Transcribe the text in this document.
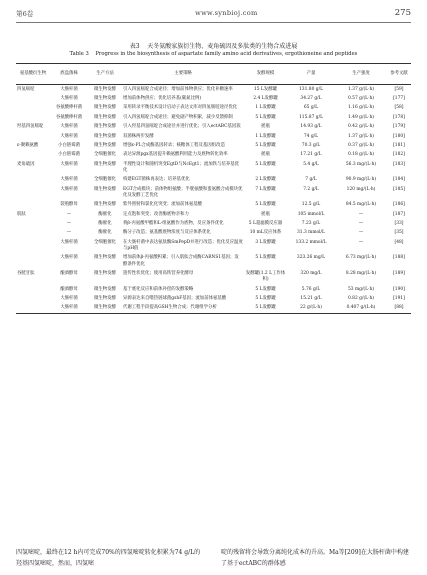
第6卷	www.synbioj.com	275
表3 天冬氨酸家族衍生物、麦角硫因及多肽类的生物合成进展
Table 3 Progress in the biosynthesis of aspartate family amino acid derivatives, ergothioneine and peptides
氨基酸衍生物	底盘菌株	生产方法	主要策略	发酵规模	产量	生产强度	参考文献
四氢嘧啶	大肠杆菌	微生物发酵	引入四氢嘧啶合成途径；增加前体物供应；优化补糖速率	15 L发酵罐	131.80 g/L	1.37 g/(L·h)	[59]
	大肠杆菌	微生物发酵	增加前体物供应；优化培养基(碳氮比例)	2.4 L发酵罐	34.27 g/L	0.57 g/(L·h)	[177]
	谷氨酸棒杆菌	微生物发酵	采用转录平衡技术设计启动子表达文库对四氢嘧啶途径优化	1 L发酵罐	65 g/L	1.16 g/(L·h)	[58]
	谷氨酸棒杆菌	微生物发酵	引入四氢嘧啶合成途径；避免副产物积累，减少反馈抑制	5 L发酵罐	115.87 g/L	1.49 g/(L·h)	[178]
羟基四氢嘧啶	大肠杆菌	微生物发酵	引入羟基四氢嘧啶合成途径并进行优化；引入ectABC基因簇	摇瓶	14.93 g/L	0.42 g/(L·h)	[179]
	大肠杆菌	微生物发酵	双菌株两步发酵	1 L发酵罐	74 g/L	1.37 g/(L·h)	[180]
ε-聚赖氨酸	小白链霉菌	微生物发酵	增强ε-PL合成酶基因转录；核糖体工程及基因组改造	5 L发酵罐	70.3 g/L	0.37 g/(L·h)	[181]
	小白链霉菌	全细胞催化	表达异源pgx基因提升赖氨酸利用能力及底物转化效率	摇瓶	17.21 g/L	0.18 g/(L·h)	[182]
麦角硫因	大肠杆菌	微生物发酵	半理性设计和随机突变EgtD与NcEgt1；流加铁与培养基优化	5 L发酵罐	5.4 g/L	56.3 mg/(L·h)	[183]
	大肠杆菌	全细胞催化	构建EGT菌株再表达；培养基优化	2 L发酵罐	7 g/L	90.9 mg/(L·h)	[184]
	大肠杆菌	微生物发酵	EGT合成模块；前体物组氨酸；半胱氨酸和蛋氨酸合成模块优化及发酵工艺优化	7 L发酵罐	7.2 g/L	120 mg/(L·h)	[185]
	裂殖酵母	微生物发酵	紫外照射和氯化化突变；流加前体氨基酸	5 L发酵罐	12.5 g/L	84.5 mg/(L·h)	[186]
肌肽	—	酶催化	定点饱和突变；改善酶底物亲和力	摇瓶	105 mmol/L	—	[187]
	—	酶催化	将β-丙氨酸甲酯和L-组氨酸作为底物，反应条件优化	5 L超滤膜反应器	7.23 g/L	—	[33]
	—	酶催化	酶分子改造；氨基酸底物浓度与反应体系优化	10 mL反应体系	31.3 mmol/L	—	[35]
	大肠杆菌	全细胞催化	在大肠杆菌中表达氨肽酶SmPepD并进行改造；优化反应温度与pH值	3 L发酵罐	133.2 mmol/L	—	[48]
	大肠杆菌	微生物发酵	增加前体β-丙氨酸积累；引入肌肽合成酶CARNS1基因；发酵条件优化	5 L发酵罐	323.26 mg/L	6.73 mg/(L·h)	[188]
谷胱甘肽	酿酒酵母	微生物发酵	遗传性状优化；使用高铁营养化酵母	发酵罐(1.2 L工作体积)	320 mg/L	8.28 mg/(L·h)	[189]
	酿酒酵母	微生物发酵	基于底化反应和前体补偿的发酵策略	5 L发酵罐	5.76 g/L	53 mg/(L·h)	[190]
	大肠杆菌	微生物发酵	异源表达来自嗜热链球菌gshF基因；流加前体氨基酸	5 L发酵罐	15.21 g/L	0.82 g/(L·h)	[191]
	大肠杆菌	微生物发酵	代谢工程手段提高GSH生物合成；代谢组学分析	5 L发酵罐	22 g/(L·h)	0.407 g/(L·h)	[88]
四氢嘧啶，最终在12 h内可完成70%的四氢嘧啶转化积累为74 g/L的羟基四氢嘧啶，然而，四氢嘧
啶的残留将会导致分离纯化成本的升高。Ma等[209]在大肠杆菌中构建了基于ectABC的群体感
